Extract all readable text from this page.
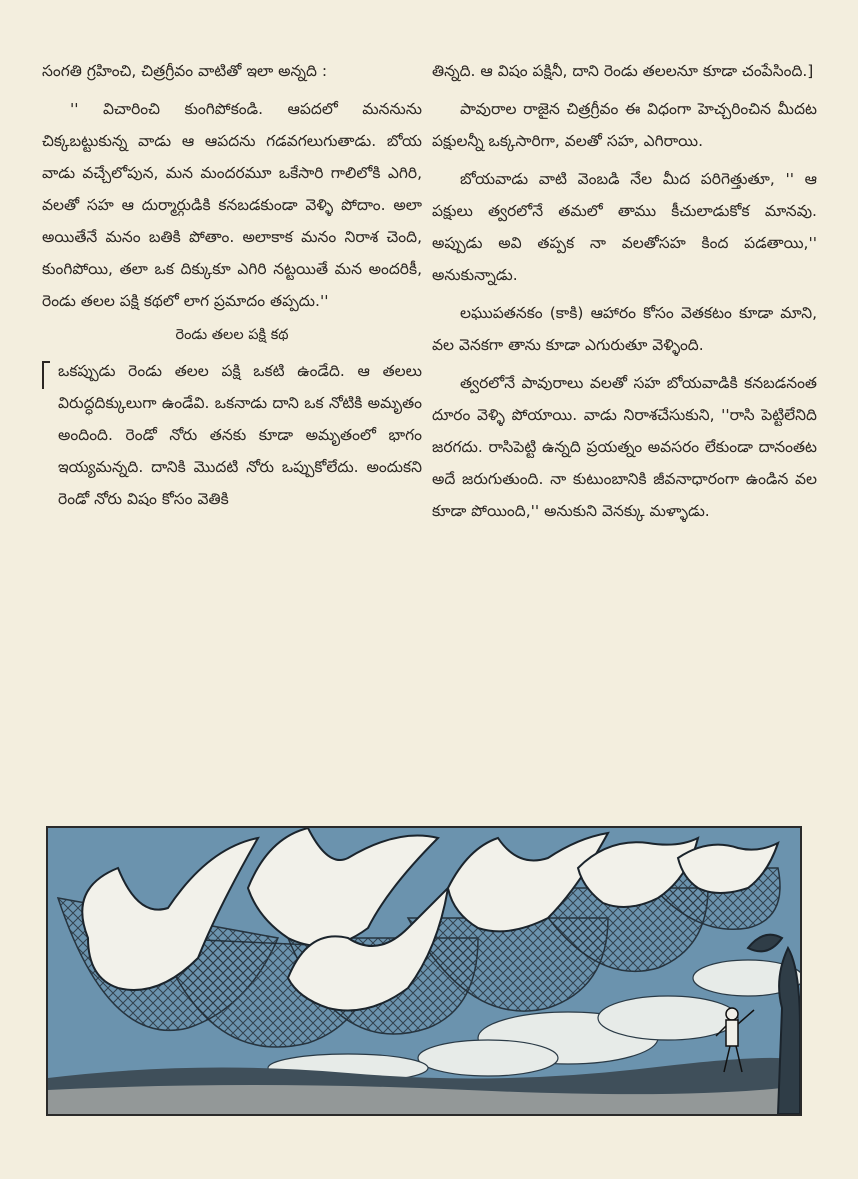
సంగతి గ్రహించి, చిత్రగ్రీవం వాటితో ఇలా అన్నది :

'' విచారించి కుంగిపోకండి. ఆపదలో మననును చిక్కబట్టుకున్న వాడు ఆ ఆపదను గడవగలుగుతాడు. బోయ వాడు వచ్చేలోపున, మన మందరమూ ఒకేసారి గాలిలోకి ఎగిరి, వలతో సహ ఆ దుర్మార్గుడికి కనబడకుండా వెళ్ళి పోదాం. అలా అయితేనే మనం బతికి పోతాం. అలాకాక మనం నిరాశ చెంది, కుంగిపోయి, తలా ఒక దిక్కుకూ ఎగిరి నట్టయితే మన అందరికీ, రెండు తలల పక్షి కథలో లాగ ప్రమాదం తప్పదు.''

రెండు తలల పక్షి కథ

ఒకప్పుడు రెండు తలల పక్షి ఒకటి ఉండేది. ఆ తలలు విరుద్ధదిక్కులుగా ఉండేవి. ఒకనాడు దాని ఒక నోటికి అమృతం అందింది. రెండో నోరు తనకు కూడా అమృతంలో భాగం ఇయ్యమన్నది. దానికి మొదటి నోరు ఒప్పుకోలేదు. అందుకని రెండో నోరు విషం కోసం వెతికి

తిన్నది. ఆ విషం పక్షినీ, దాని రెండు తలలనూ కూడా చంపేసింది.]

పావురాల రాజైన చిత్రగ్రీవం ఈ విధంగా హెచ్చరించిన మీదట పక్షులన్నీ ఒక్కసారిగా, వలతో సహ, ఎగిరాయి.

బోయవాడు వాటి వెంబడి నేల మీద పరిగెత్తుతూ, '' ఆ పక్షులు త్వరలోనే తమలో తాము కీచులాడుకోక మానవు. అప్పుడు అవి తప్పక నా వలతోసహ కింద పడతాయి,'' అనుకున్నాడు.

లఘుపతనకం (కాకి) ఆహారం కోసం వెతకటం కూడా మాని, వల వెనకగా తాను కూడా ఎగురుతూ వెళ్ళింది.

త్వరలోనే పావురాలు వలతో సహ బోయవాడికి కనబడనంత దూరం వెళ్ళి పోయాయి. వాడు నిరాశచేసుకుని, ''రాసి పెట్టిలేనిది జరగదు. రాసిపెట్టి ఉన్నది ప్రయత్నం అవసరం లేకుండా దానంతట అదే జరుగుతుంది. నా కుటుంబానికి జీవనాధారంగా ఉండిన వల కూడా పోయింది,'' అనుకుని వెనక్కు మళ్ళాడు.
